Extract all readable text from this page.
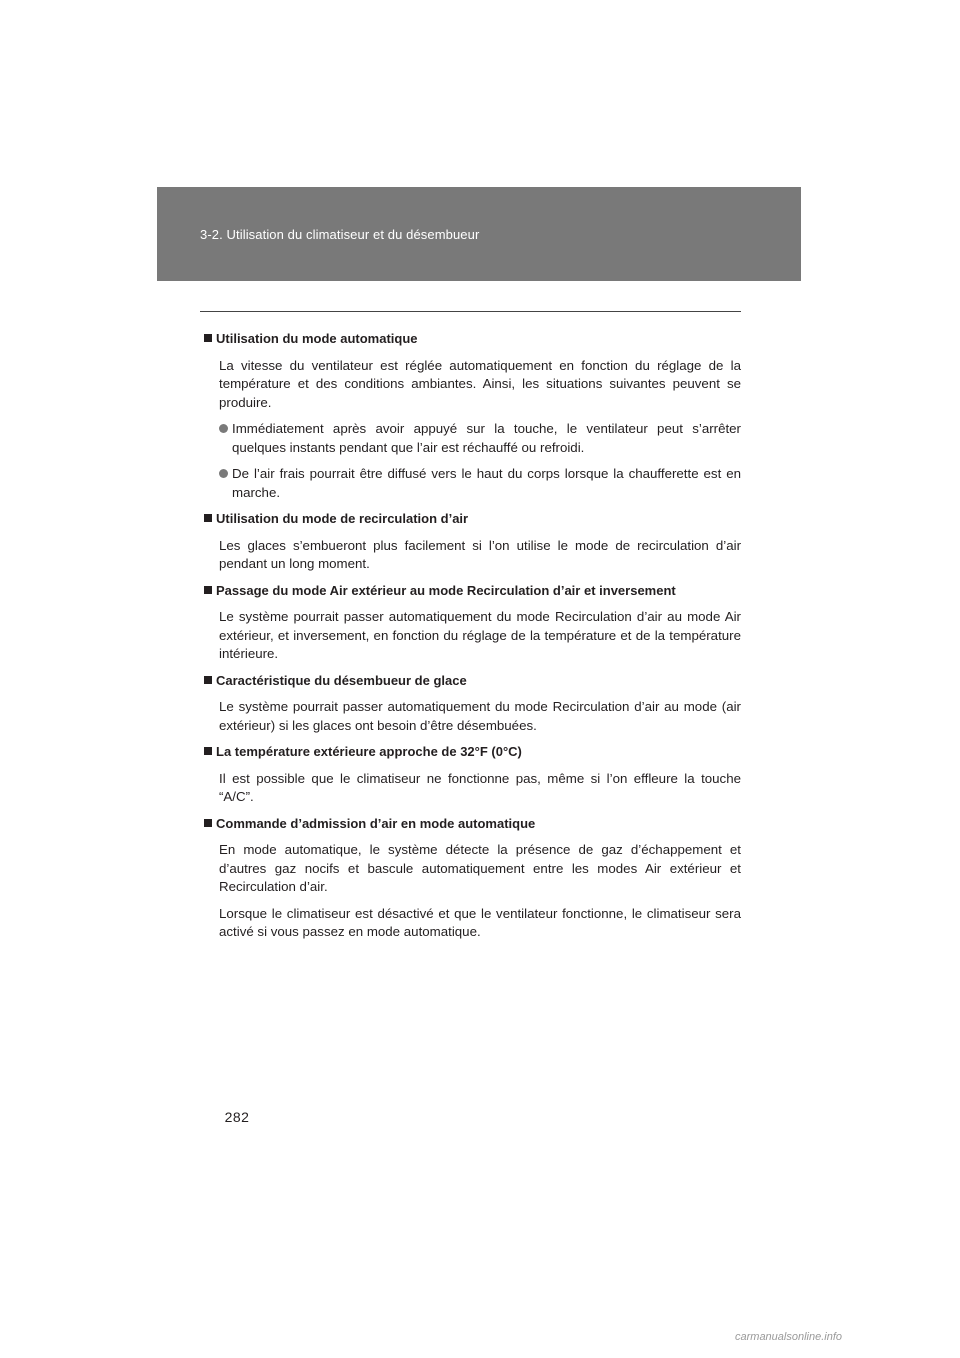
3-2. Utilisation du climatiseur et du désembueur
Utilisation du mode automatique
La vitesse du ventilateur est réglée automatiquement en fonction du réglage de la température et des conditions ambiantes. Ainsi, les situations suivantes peuvent se produire.
Immédiatement après avoir appuyé sur la touche, le ventilateur peut s’arrêter quelques instants pendant que l’air est réchauffé ou refroidi.
De l’air frais pourrait être diffusé vers le haut du corps lorsque la chaufferette est en marche.
Utilisation du mode de recirculation d’air
Les glaces s’embueront plus facilement si l’on utilise le mode de recirculation d’air pendant un long moment.
Passage du mode Air extérieur au mode Recirculation d’air et inversement
Le système pourrait passer automatiquement du mode Recirculation d’air au mode Air extérieur, et inversement, en fonction du réglage de la température et de la température intérieure.
Caractéristique du désembueur de glace
Le système pourrait passer automatiquement du mode Recirculation d’air au mode (air extérieur) si les glaces ont besoin d’être désembuées.
La température extérieure approche de 32°F (0°C)
Il est possible que le climatiseur ne fonctionne pas, même si l’on effleure la touche “A/C”.
Commande d’admission d’air en mode automatique
En mode automatique, le système détecte la présence de gaz d’échappement et d’autres gaz nocifs et bascule automatiquement entre les modes Air extérieur et Recirculation d’air.
Lorsque le climatiseur est désactivé et que le ventilateur fonctionne, le climatiseur sera activé si vous passez en mode automatique.
282
carmanualsonline.info
